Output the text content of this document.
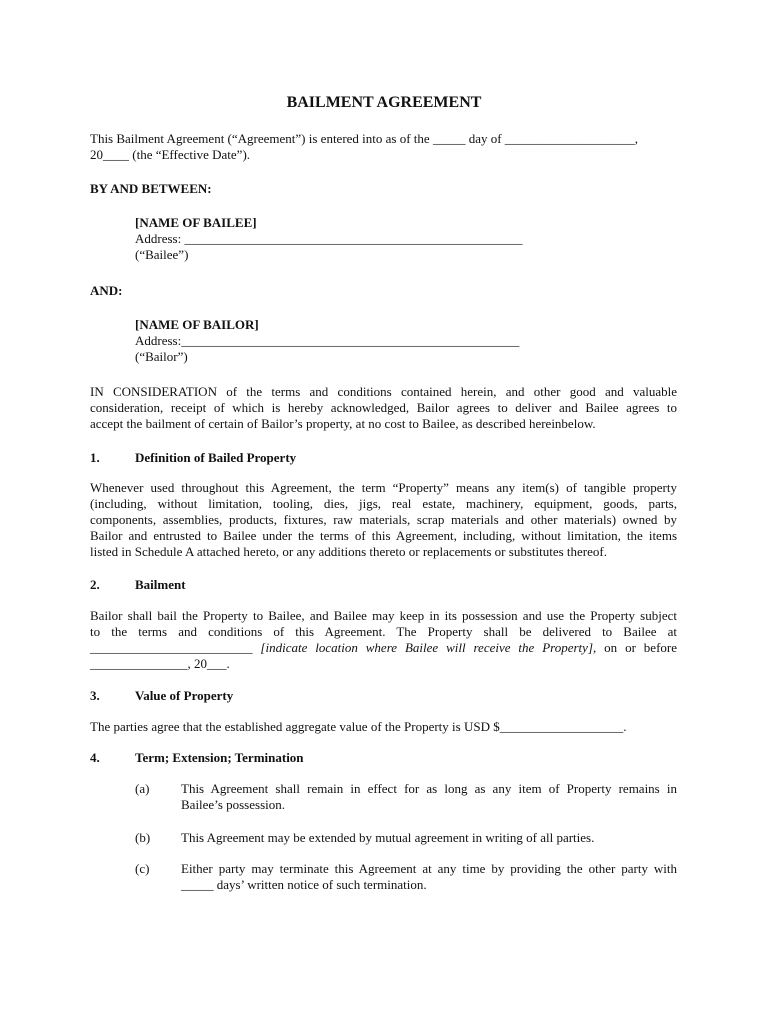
BAILMENT AGREEMENT
This Bailment Agreement (“Agreement”) is entered into as of the _____ day of ____________________,
20____ (the “Effective Date”).
BY AND BETWEEN:
[NAME OF BAILEE]
Address: ____________________________________________________
(“Bailee”)
AND:
[NAME OF BAILOR]
Address:____________________________________________________
(“Bailor”)
IN CONSIDERATION of the terms and conditions contained herein, and other good and valuable
consideration, receipt of which is hereby acknowledged, Bailor agrees to deliver and Bailee agrees to
accept the bailment of certain of Bailor’s property, at no cost to Bailee, as described hereinbelow.
1.	Definition of Bailed Property
Whenever used throughout this Agreement, the term “Property” means any item(s) of tangible property
(including, without limitation, tooling, dies, jigs, real estate, machinery, equipment, goods, parts,
components, assemblies, products, fixtures, raw materials, scrap materials and other materials) owned by
Bailor and entrusted to Bailee under the terms of this Agreement, including, without limitation, the items
listed in Schedule A attached hereto, or any additions thereto or replacements or substitutes thereof.
2.	Bailment
Bailor shall bail the Property to Bailee, and Bailee may keep in its possession and use the Property subject
to the terms and conditions of this Agreement. The Property shall be delivered to Bailee at
_________________________ [indicate location where Bailee will receive the Property], on or before
_______________, 20___.
3.	Value of Property
The parties agree that the established aggregate value of the Property is USD $___________________.
4.	Term; Extension; Termination
(a) This Agreement shall remain in effect for as long as any item of Property remains in
Bailee’s possession.
(b) This Agreement may be extended by mutual agreement in writing of all parties.
(c) Either party may terminate this Agreement at any time by providing the other party with
_____ days’ written notice of such termination.
